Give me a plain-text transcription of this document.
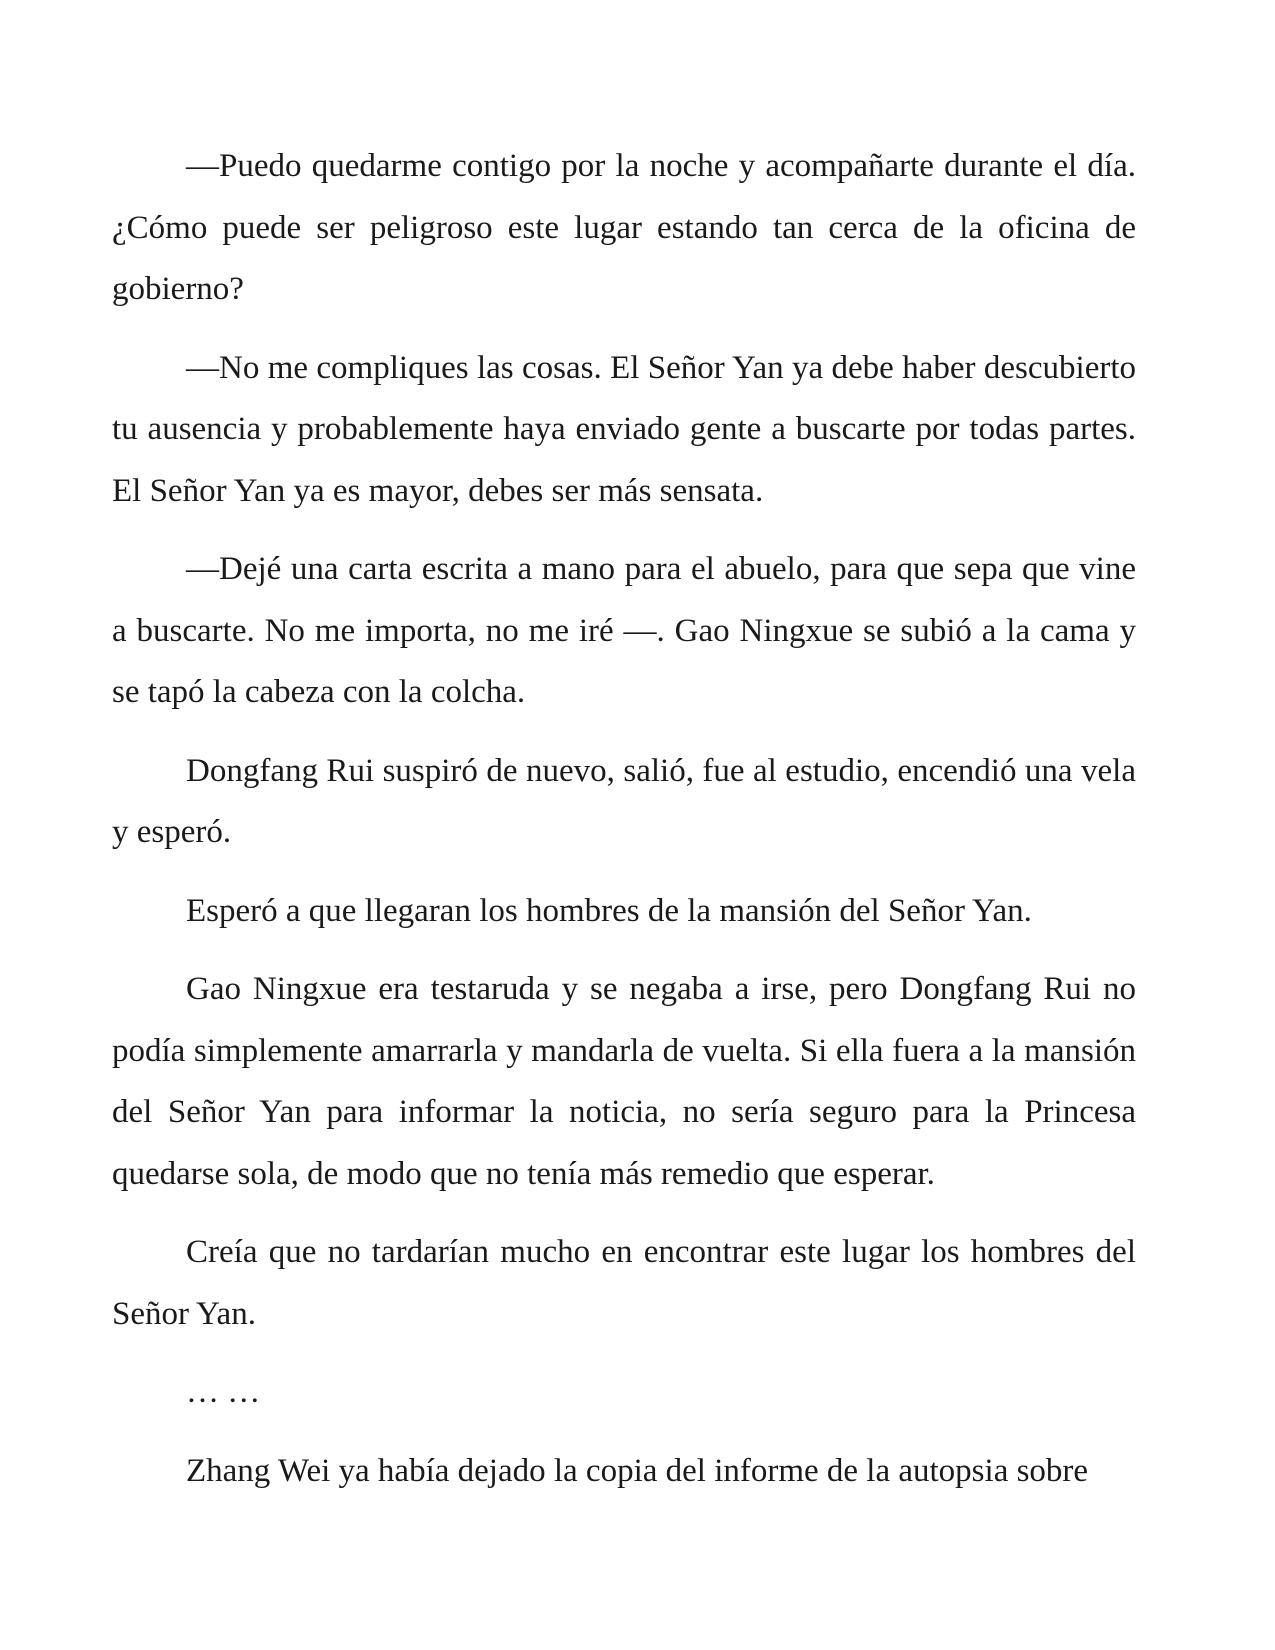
—Puedo quedarme contigo por la noche y acompañarte durante el día. ¿Cómo puede ser peligroso este lugar estando tan cerca de la oficina de gobierno?

—No me compliques las cosas. El Señor Yan ya debe haber descubierto tu ausencia y probablemente haya enviado gente a buscarte por todas partes. El Señor Yan ya es mayor, debes ser más sensata.

—Dejé una carta escrita a mano para el abuelo, para que sepa que vine a buscarte. No me importa, no me iré —. Gao Ningxue se subió a la cama y se tapó la cabeza con la colcha.

Dongfang Rui suspiró de nuevo, salió, fue al estudio, encendió una vela y esperó.

Esperó a que llegaran los hombres de la mansión del Señor Yan.

Gao Ningxue era testaruda y se negaba a irse, pero Dongfang Rui no podía simplemente amarrarla y mandarla de vuelta. Si ella fuera a la mansión del Señor Yan para informar la noticia, no sería seguro para la Princesa quedarse sola, de modo que no tenía más remedio que esperar.

Creía que no tardarían mucho en encontrar este lugar los hombres del Señor Yan.

… …

Zhang Wei ya había dejado la copia del informe de la autopsia sobre
